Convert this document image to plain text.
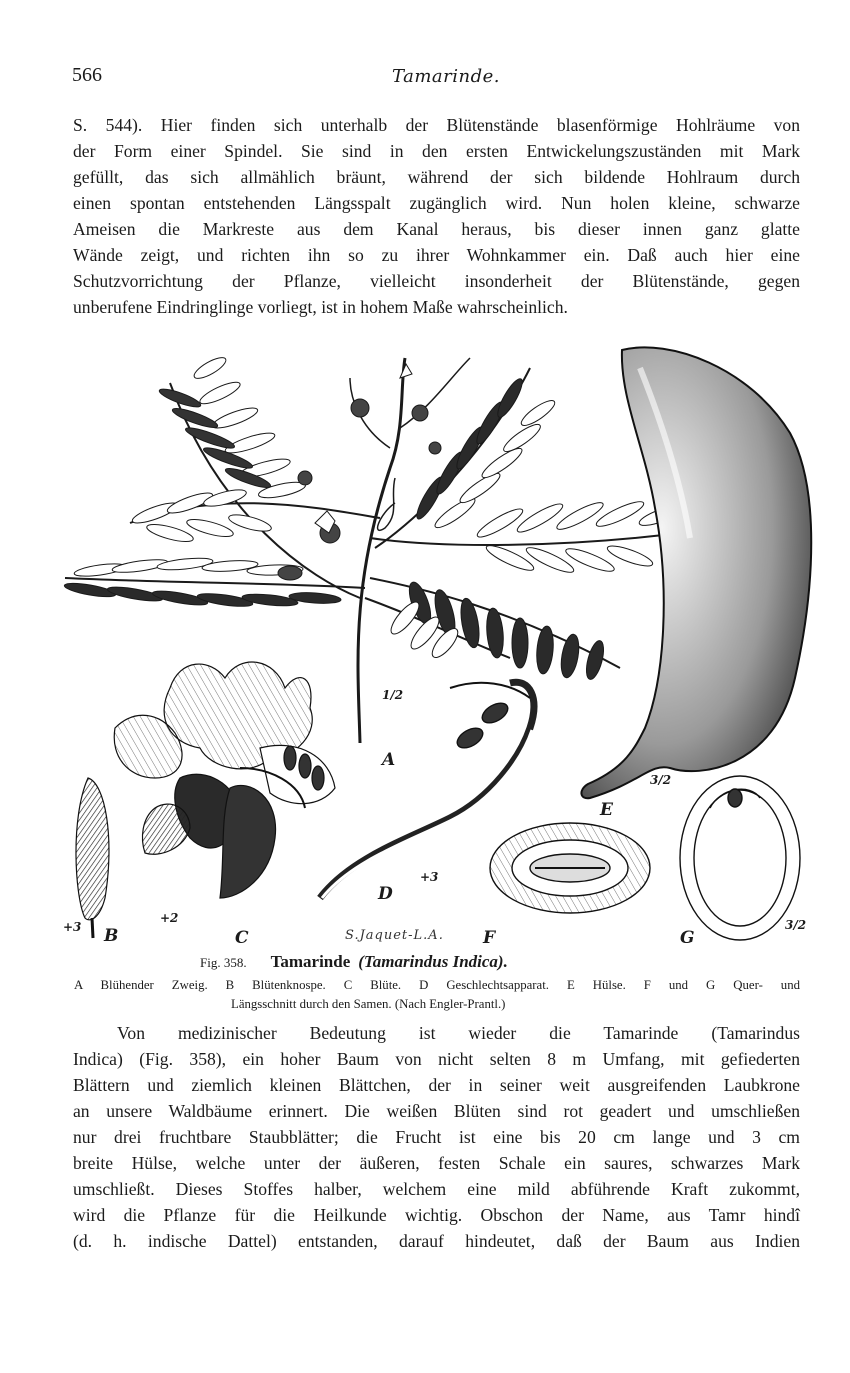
566	Tamarinde.
S. 544). Hier finden sich unterhalb der Blütenstände blasenförmige Hohlräume von
der Form einer Spindel. Sie sind in den ersten Entwickelungszuständen mit Mark
gefüllt, das sich allmählich bräunt, während der sich bildende Hohlraum durch
einen spontan entstehenden Längsspalt zugänglich wird. Nun holen kleine, schwarze
Ameisen die Markreste aus dem Kanal heraus, bis dieser innen ganz glatte
Wände zeigt, und richten ihn so zu ihrer Wohnkammer ein. Daß auch hier eine
Schutzvorrichtung der Pflanze, vielleicht insonderheit der Blütenstände, gegen
unberufene Eindringlinge vorliegt, ist in hohem Maße wahrscheinlich.
A
1/2
B
+3
C
+2
D
+3
E
3/2
F	G
3/2
S.Jaquet-L.A.
Fig. 358. Tamarinde (Tamarindus Indica).
A Blühender Zweig. B Blütenknospe. C Blüte. D Geschlechtsapparat. E Hülse. F und G Quer- und
Längsschnitt durch den Samen. (Nach Engler-Prantl.)
Von medizinischer Bedeutung ist wieder die Tamarinde (Tamarindus
Indica) (Fig. 358), ein hoher Baum von nicht selten 8 m Umfang, mit gefiederten
Blättern und ziemlich kleinen Blättchen, der in seiner weit ausgreifenden Laubkrone
an unsere Waldbäume erinnert. Die weißen Blüten sind rot geadert und umschließen
nur drei fruchtbare Staubblätter; die Frucht ist eine bis 20 cm lange und 3 cm
breite Hülse, welche unter der äußeren, festen Schale ein saures, schwarzes Mark
umschließt. Dieses Stoffes halber, welchem eine mild abführende Kraft zukommt,
wird die Pflanze für die Heilkunde wichtig. Obschon der Name, aus Tamr hindî
(d. h. indische Dattel) entstanden, darauf hindeutet, daß der Baum aus Indien
